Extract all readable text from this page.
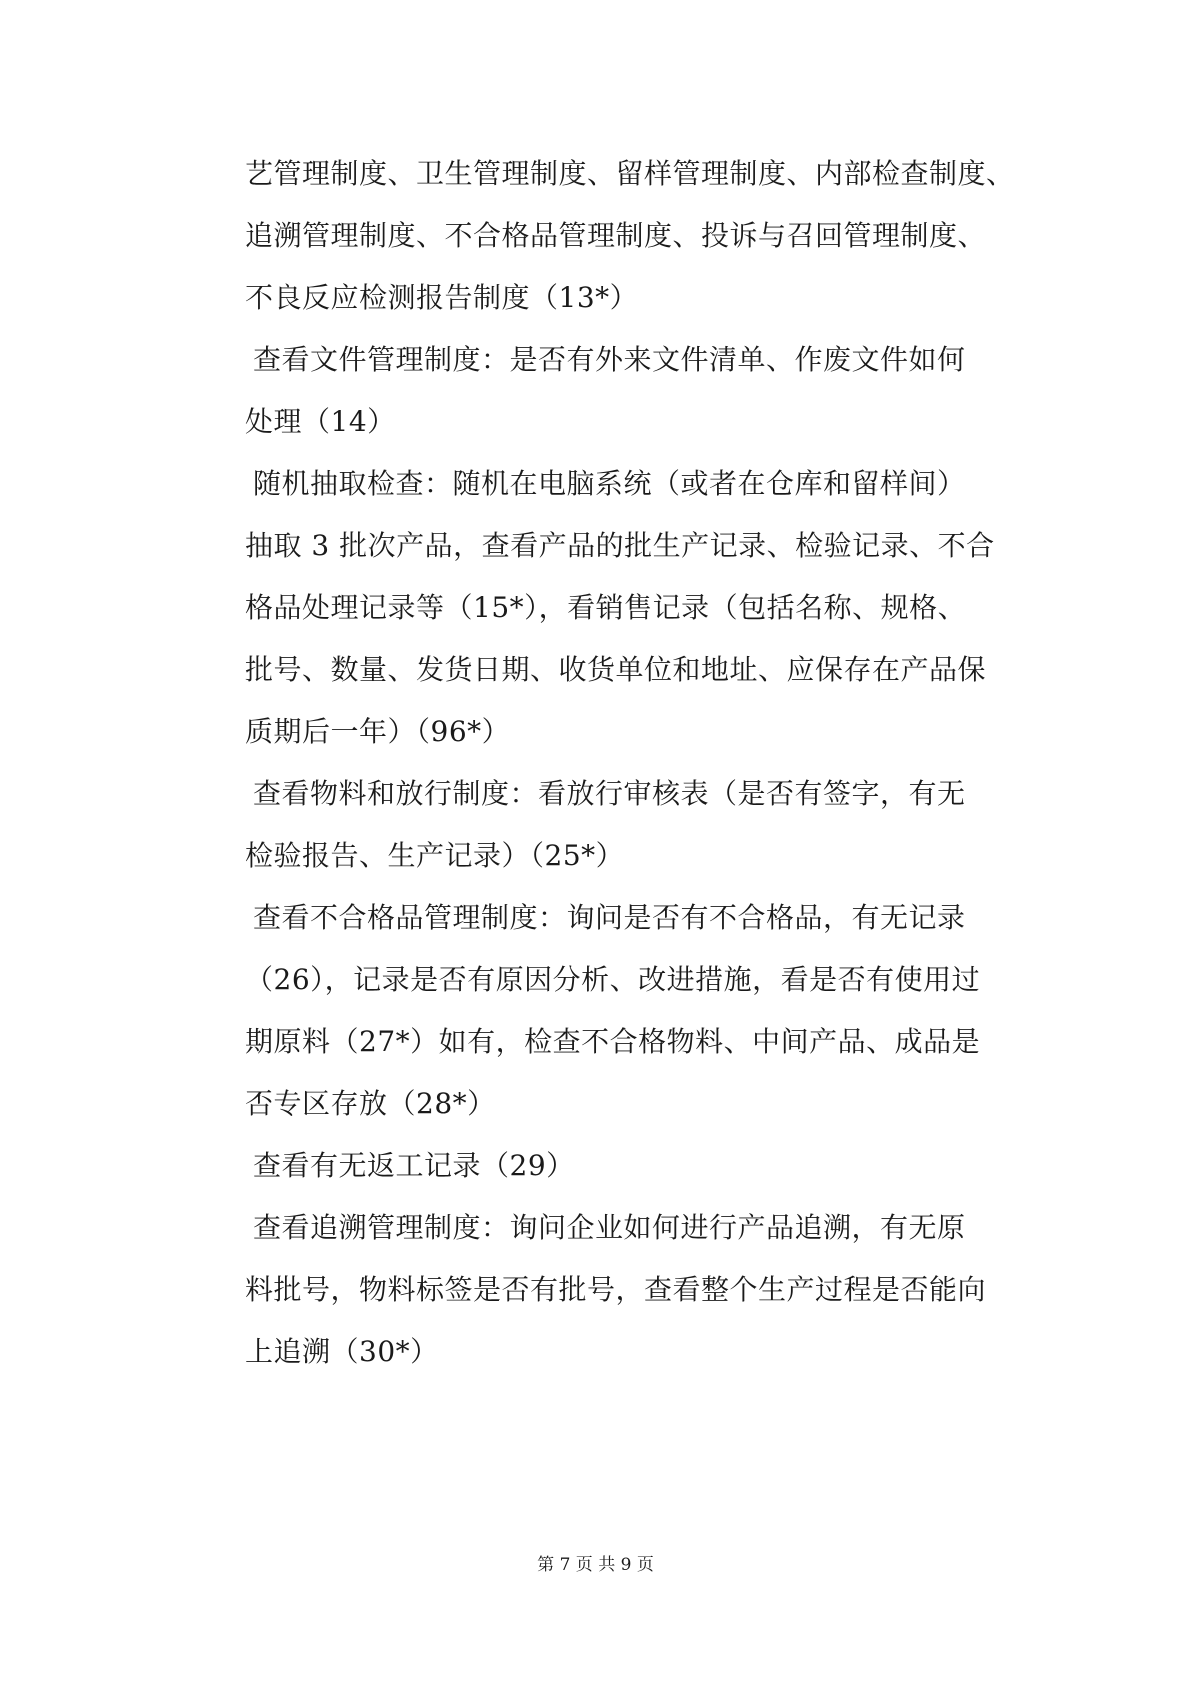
艺管理制度、卫生管理制度、留样管理制度、内部检查制度、
追溯管理制度、不合格品管理制度、投诉与召回管理制度、
不良反应检测报告制度（13*）
查看文件管理制度：是否有外来文件清单、作废文件如何
处理（14）
随机抽取检查：随机在电脑系统（或者在仓库和留样间）
抽取 3 批次产品，查看产品的批生产记录、检验记录、不合
格品处理记录等（15*），看销售记录（包括名称、规格、
批号、数量、发货日期、收货单位和地址、应保存在产品保
质期后一年）（96*）
查看物料和放行制度：看放行审核表（是否有签字，有无
检验报告、生产记录）（25*）
查看不合格品管理制度：询问是否有不合格品，有无记录
（26），记录是否有原因分析、改进措施，看是否有使用过
期原料（27*）如有，检查不合格物料、中间产品、成品是
否专区存放（28*）
查看有无返工记录（29）
查看追溯管理制度：询问企业如何进行产品追溯，有无原
料批号，物料标签是否有批号，查看整个生产过程是否能向
上追溯（30*）
第 7 页 共 9 页
